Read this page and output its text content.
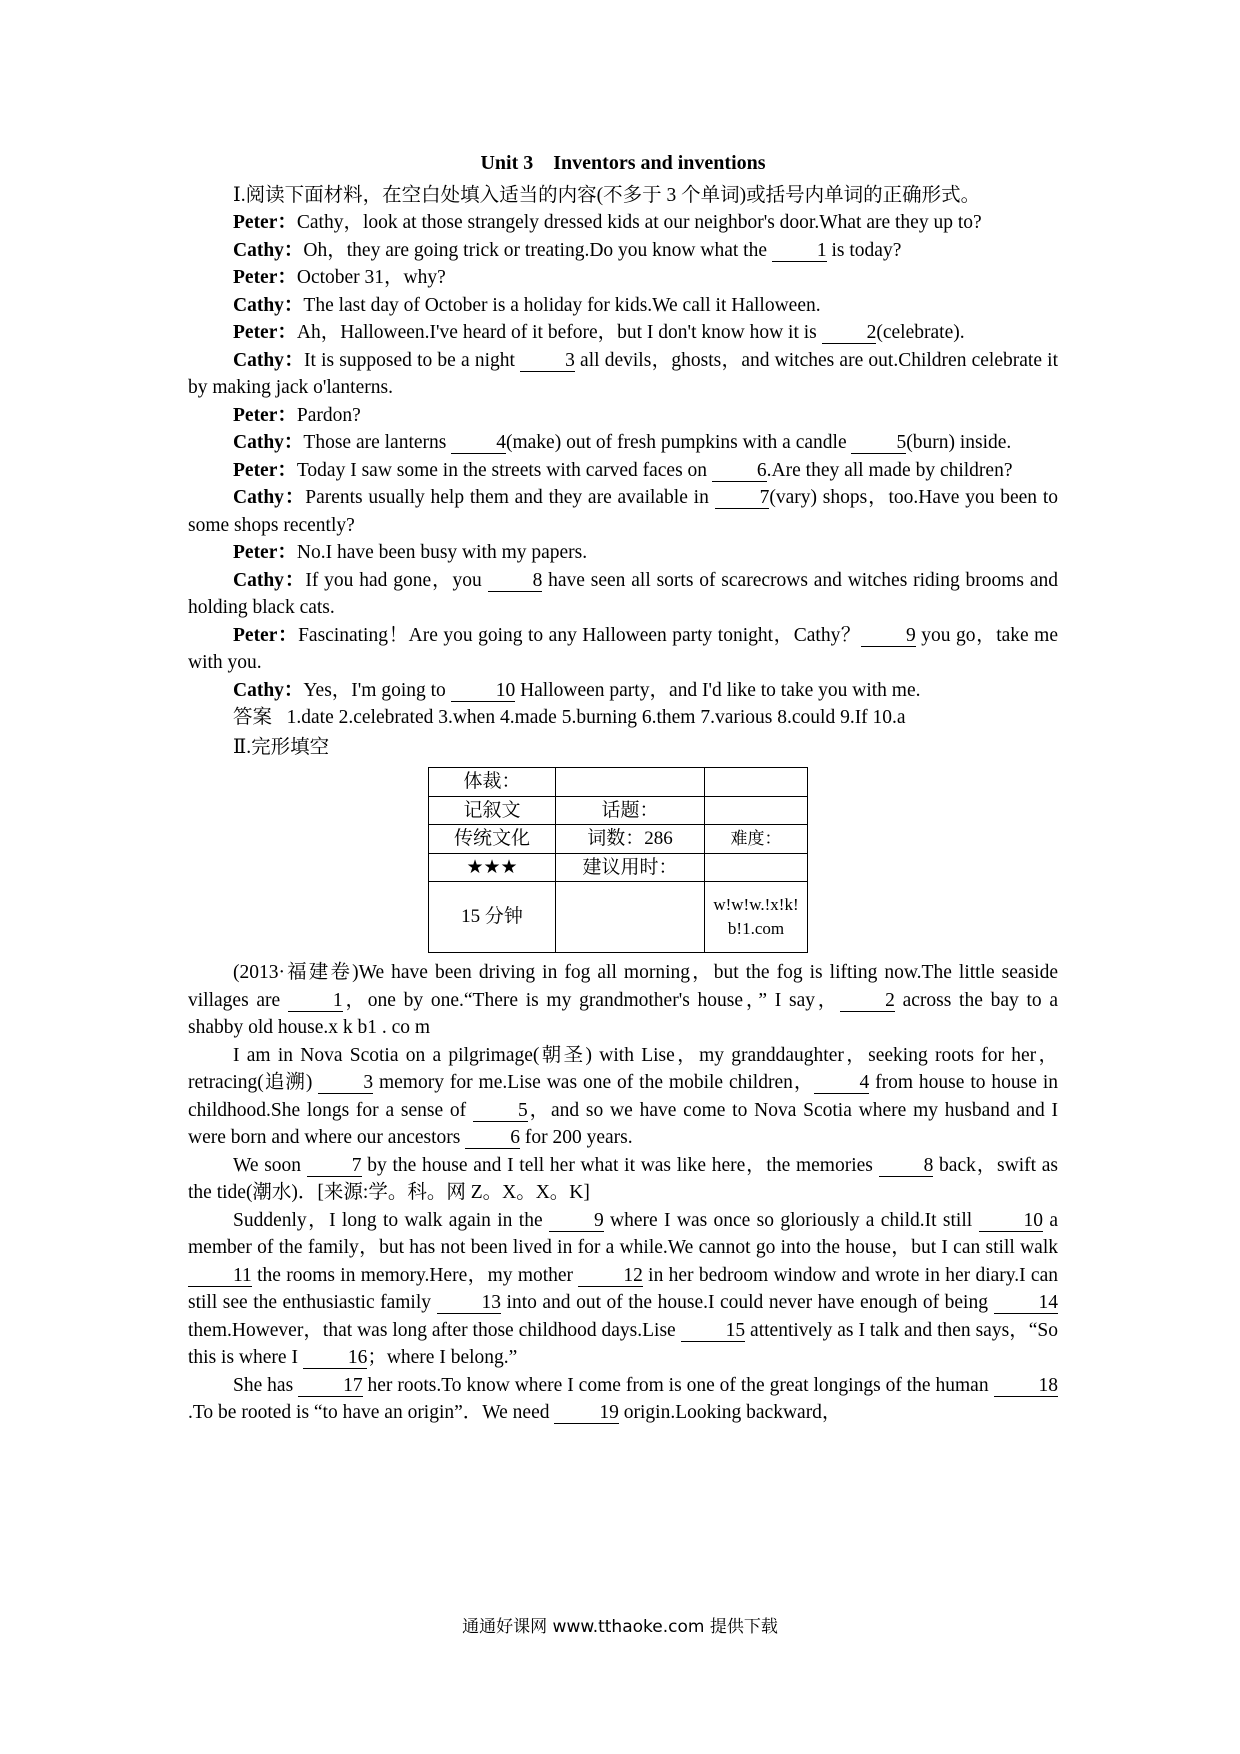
Unit 3　Inventors and inventions

Ⅰ.阅读下面材料，在空白处填入适当的内容(不多于 3 个单词)或括号内单词的正确形式。

Peter：Cathy，look at those strangely dressed kids at our neighbor's door.What are they up to?

Cathy：Oh，they are going trick or treating.Do you know what the 1 is today?

Peter：October 31，why?

Cathy：The last day of October is a holiday for kids.We call it Halloween.

Peter：Ah，Halloween.I've heard of it before，but I don't know how it is 2(celebrate).

Cathy：It is supposed to be a night 3 all devils，ghosts，and witches are out.Children celebrate it by making jack o'lanterns.

Peter：Pardon?

Cathy：Those are lanterns 4(make) out of fresh pumpkins with a candle 5(burn) inside.

Peter：Today I saw some in the streets with carved faces on 6.Are they all made by children?

Cathy：Parents usually help them and they are available in 7(vary) shops，too.Have you been to some shops recently?

Peter：No.I have been busy with my papers.

Cathy：If you had gone，you 8 have seen all sorts of scarecrows and witches riding brooms and holding black cats.

Peter：Fascinating！Are you going to any Halloween party tonight，Cathy？ 9 you go，take me with you.

Cathy：Yes，I'm going to 10 Halloween party，and I'd like to take you with me.

答案 1.date 2.celebrated 3.when 4.made 5.burning 6.them 7.various 8.could 9.If 10.a

Ⅱ.完形填空

体裁：		
记叙文	话题：	
传统文化	词数：286	难度：
★★★	建议用时：	
15 分钟		w!w!w.!x!k!b!1.com

(2013·福建卷)We have been driving in fog all morning，but the fog is lifting now.The little seaside villages are 1，one by one.“There is my grandmother's house，” I say， 2 across the bay to a shabby old house.x k b1 . co m

I am in Nova Scotia on a pilgrimage(朝圣) with Lise，my granddaughter，seeking roots for her，retracing(追溯) 3 memory for me.Lise was one of the mobile children， 4 from house to house in childhood.She longs for a sense of 5，and so we have come to Nova Scotia where my husband and I were born and where our ancestors 6 for 200 years.

We soon 7 by the house and I tell her what it was like here，the memories 8 back，swift as the tide(潮水)．[来源:学。科。网 Z。X。X。K]

Suddenly，I long to walk again in the 9 where I was once so gloriously a child.It still 10 a member of the family，but has not been lived in for a while.We cannot go into the house，but I can still walk 11 the rooms in memory.Here，my mother 12 in her bedroom window and wrote in her diary.I can still see the enthusiastic family 13 into and out of the house.I could never have enough of being 14 them.However，that was long after those childhood days.Lise 15 attentively as I talk and then says，“So this is where I 16；where I belong.”

She has 17 her roots.To know where I come from is one of the great longings of the human 18.To be rooted is “to have an origin”．We need 19 origin.Looking backward，

通通好课网 www.tthaoke.com 提供下载
